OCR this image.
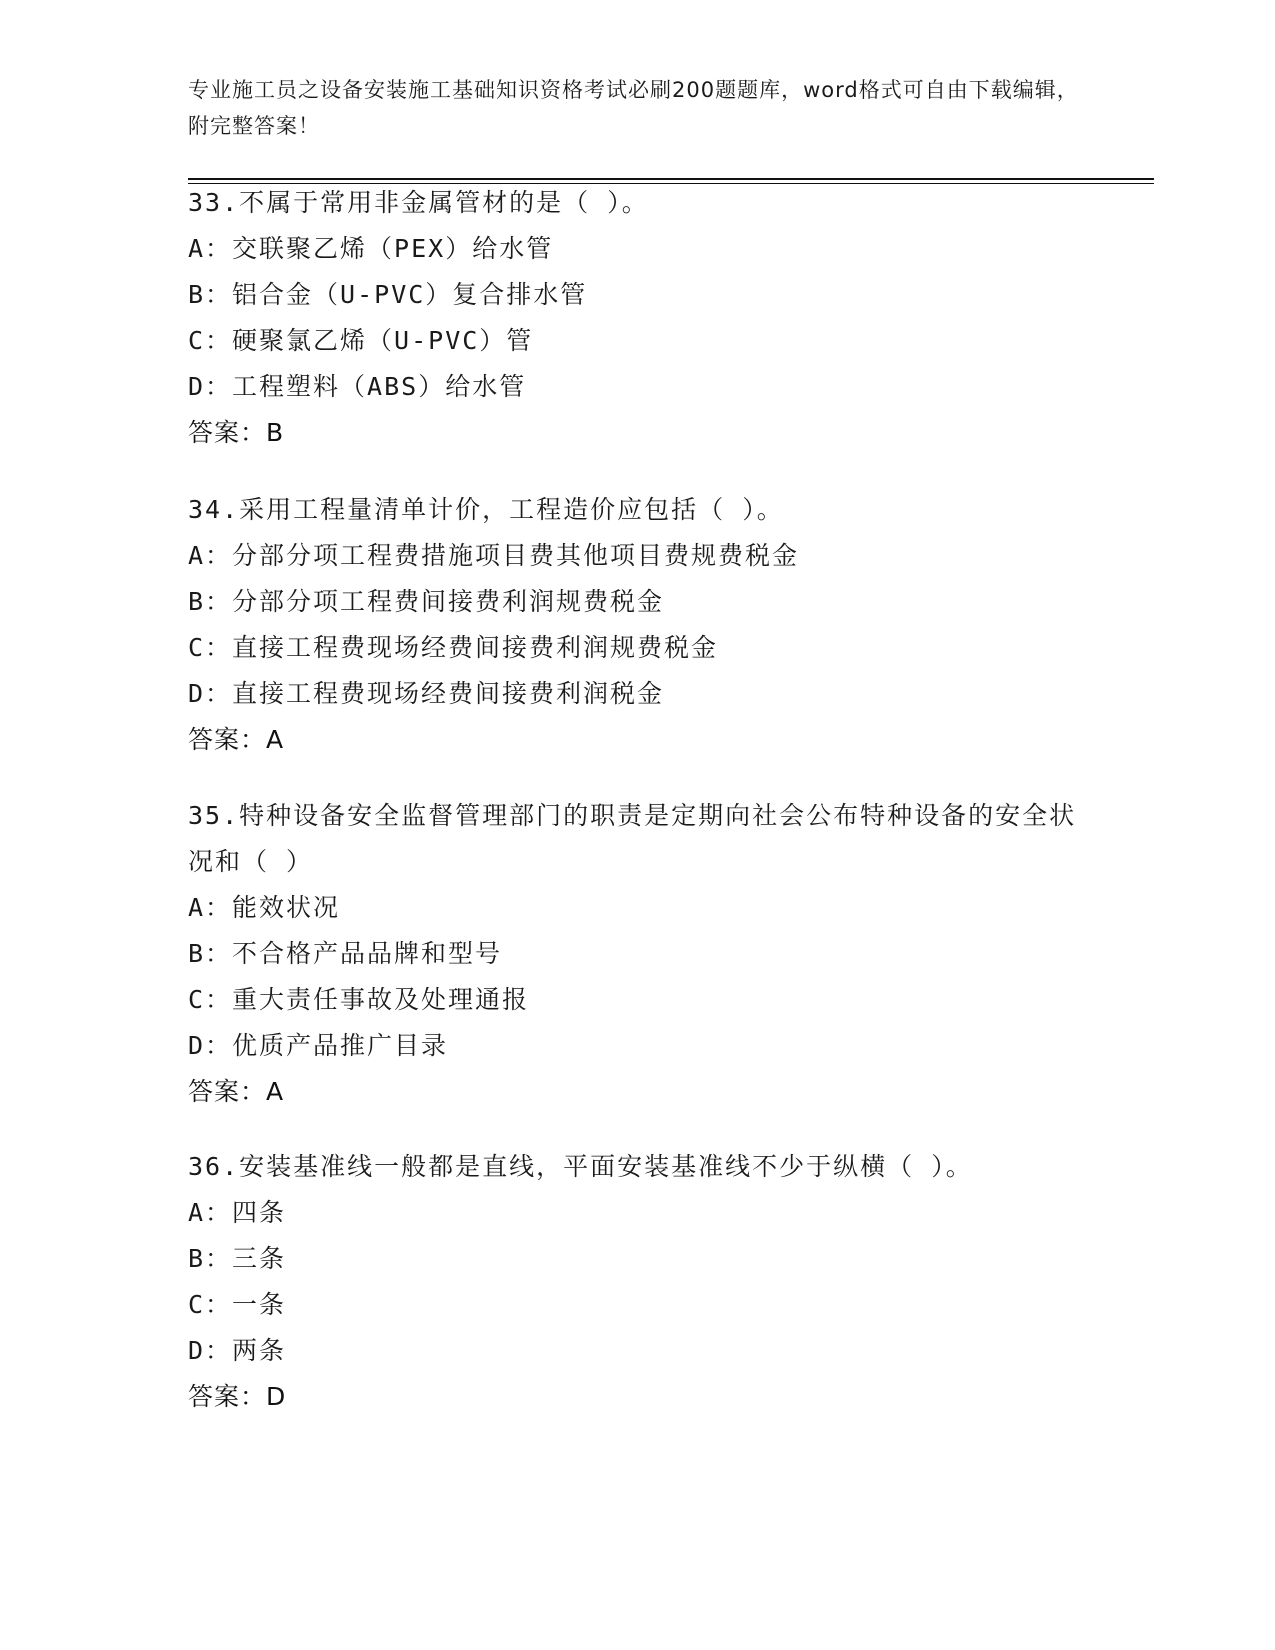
专业施工员之设备安装施工基础知识资格考试必刷200题题库，word格式可自由下载编辑，附完整答案！
33.不属于常用非金属管材的是（ ）。
A：交联聚乙烯（PEX）给水管
B：铝合金（U-PVC）复合排水管
C：硬聚氯乙烯（U-PVC）管
D：工程塑料（ABS）给水管
答案：B
34.采用工程量清单计价，工程造价应包括（ ）。
A：分部分项工程费措施项目费其他项目费规费税金
B：分部分项工程费间接费利润规费税金
C：直接工程费现场经费间接费利润规费税金
D：直接工程费现场经费间接费利润税金
答案：A
35.特种设备安全监督管理部门的职责是定期向社会公布特种设备的安全状况和（ ）
A：能效状况
B：不合格产品品牌和型号
C：重大责任事故及处理通报
D：优质产品推广目录
答案：A
36.安装基准线一般都是直线，平面安装基准线不少于纵横（ ）。
A：四条
B：三条
C：一条
D：两条
答案：D
